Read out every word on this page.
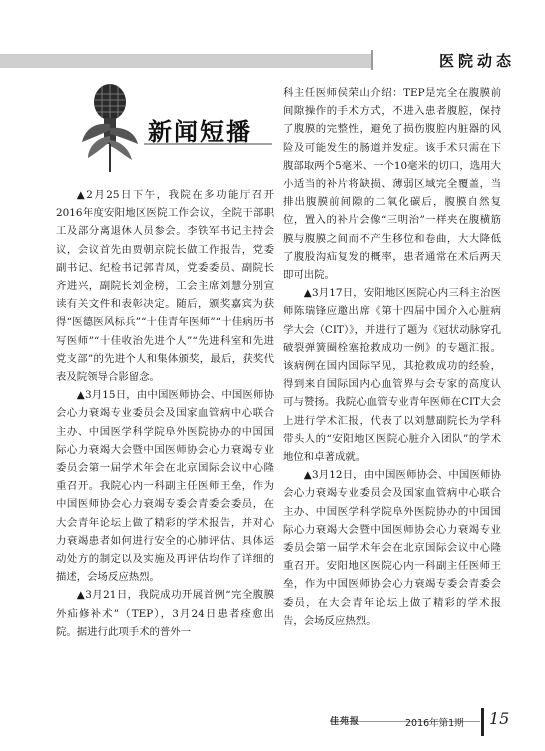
医院动态
新闻短播

▲2月25日下午，我院在多功能厅召开2016年度安阳地区医院工作会议，全院干部职工及部分离退休人员参会。李铁军书记主持会议，会议首先由贾朝京院长做工作报告，党委副书记、纪检书记郭青凤，党委委员、副院长齐进兴，副院长刘金榜，工会主席刘慧分别宣读有关文件和表彰决定。随后，颁奖嘉宾为获得“医德医风标兵”“十佳青年医师”“十佳病历书写医师”“十佳收治先进个人”“先进科室和先进党支部”的先进个人和集体颁奖，最后，获奖代表及院领导合影留念。

▲3月15日，由中国医师协会、中国医师协会心力衰竭专业委员会及国家血管病中心联合主办、中国医学科学院阜外医院协办的中国国际心力衰竭大会暨中国医师协会心力衰竭专业委员会第一届学术年会在北京国际会议中心隆重召开。我院心内一科副主任医师王垒，作为中国医师协会心力衰竭专委会青委会委员，在大会青年论坛上做了精彩的学术报告，并对心力衰竭患者如何进行安全的心肺评估、具体运动处方的制定以及实施及再评估均作了详细的描述，会场反应热烈。

▲3月21日，我院成功开展首例“完全腹膜外疝修补术”（TEP），3月24日患者痊愈出院。据进行此项手术的普外一

科主任医师侯荣山介绍：TEP是完全在腹膜前间隙操作的手术方式，不进入患者腹腔，保持了腹膜的完整性，避免了损伤腹腔内脏器的风险及可能发生的肠道并发症。该手术只需在下腹部取两个5毫米、一个10毫米的切口，选用大小适当的补片将缺损、薄弱区域完全覆盖，当排出腹膜前间隙的二氧化碳后，腹膜自然复位，置入的补片会像“三明治”一样夹在腹横筋膜与腹膜之间而不产生移位和卷曲，大大降低了腹股沟疝复发的概率，患者通常在术后两天即可出院。

▲3月17日，安阳地区医院心内三科主治医师陈瑞锋应邀出席《第十四届中国介入心脏病学大会（CIT）》，并进行了题为《冠状动脉穿孔破裂弹簧圈栓塞抢救成功一例》的专题汇报。该病例在国内国际罕见，其抢救成功的经验，得到来自国际国内心血管界与会专家的高度认可与赞扬。我院心血管专业青年医师在CIT大会上进行学术汇报，代表了以刘慧副院长为学科带头人的“安阳地区医院心脏介入团队”的学术地位和卓著成就。

▲3月12日，由中国医师协会、中国医师协会心力衰竭专业委员会及国家血管病中心联合主办、中国医学科学院阜外医院协办的中国国际心力衰竭大会暨中国医师协会心力衰竭专业委员会第一届学术年会在北京国际会议中心隆重召开。安阳地区医院心内一科副主任医师王垒，作为中国医师协会心力衰竭专委会青委会委员，在大会青年论坛上做了精彩的学术报告，会场反应热烈。

佳苑报	2016年第1期 15
